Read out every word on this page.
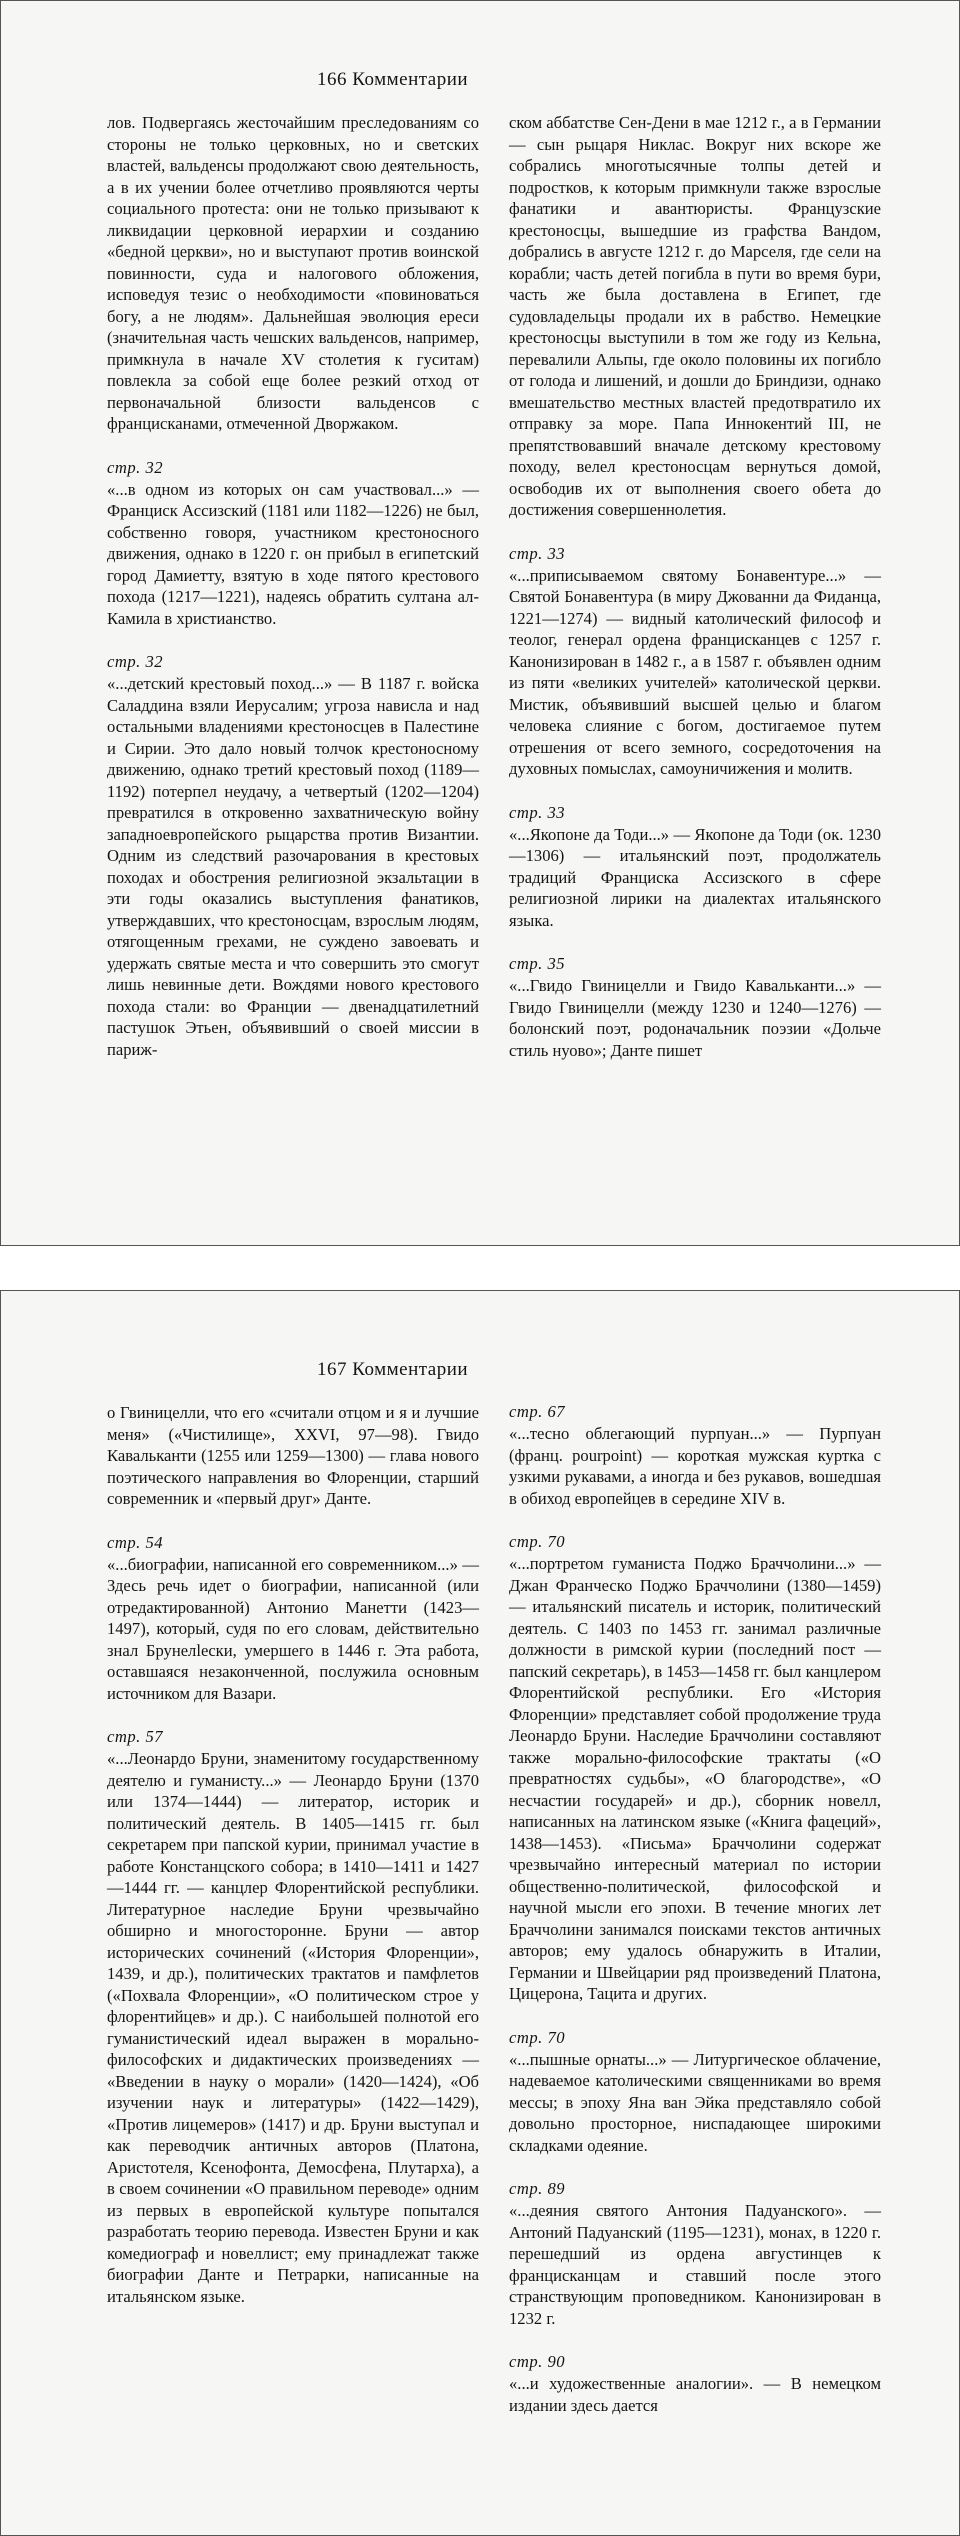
166 Комментарии

лов. Подвергаясь жесточайшим преследованиям со стороны не только церковных, но и светских властей, вальденсы продолжают свою деятельность, а в их учении более отчетливо проявляются черты социального протеста: они не только призывают к ликвидации церковной иерархии и созданию «бедной церкви», но и выступают против воинской повинности, суда и налогового обложения, исповедуя тезис о необходимости «повиноваться богу, а не людям». Дальнейшая эволюция ереси (значительная часть чешских вальденсов, например, примкнула в начале XV столетия к гуситам) повлекла за собой еще более резкий отход от первоначальной близости вальденсов с францисканами, отмеченной Дворжаком.

стр. 32

«...в одном из которых он сам участвовал...» — Франциск Ассизский (1181 или 1182—1226) не был, собственно говоря, участником крестоносного движения, однако в 1220 г. он прибыл в египетский город Дамиетту, взятую в ходе пятого крестового похода (1217—1221), надеясь обратить султана ал-Камила в христианство.

стр. 32

«...детский крестовый поход...» — В 1187 г. войска Саладдина взяли Иерусалим; угроза нависла и над остальными владениями крестоносцев в Палестине и Сирии. Это дало новый толчок крестоносному движению, однако третий крестовый поход (1189—1192) потерпел неудачу, а четвертый (1202—1204) превратился в откровенно захватническую войну западноевропейского рыцарства против Византии. Одним из следствий разочарования в крестовых походах и обострения религиозной экзальтации в эти годы оказались выступления фанатиков, утверждавших, что крестоносцам, взрослым людям, отягощенным грехами, не суждено завоевать и удержать святые места и что совершить это смогут лишь невинные дети. Вождями нового крестового похода стали: во Франции — двенадцатилетний пастушок Этьен, объявивший о своей миссии в париж-

ском аббатстве Сен-Дени в мае 1212 г., а в Германии — сын рыцаря Никлас. Вокруг них вскоре же собрались многотысячные толпы детей и подростков, к которым примкнули также взрослые фанатики и авантюристы. Французские крестоносцы, вышедшие из графства Вандом, добрались в августе 1212 г. до Марселя, где сели на корабли; часть детей погибла в пути во время бури, часть же была доставлена в Египет, где судовладельцы продали их в рабство. Немецкие крестоносцы выступили в том же году из Кельна, перевалили Альпы, где около половины их погибло от голода и лишений, и дошли до Бриндизи, однако вмешательство местных властей предотвратило их отправку за море. Папа Иннокентий III, не препятствовавший вначале детскому крестовому походу, велел крестоносцам вернуться домой, освободив их от выполнения своего обета до достижения совершеннолетия.

стр. 33

«...приписываемом святому Бонавентуре...» — Святой Бонавентура (в миру Джованни да Фиданца, 1221—1274) — видный католический философ и теолог, генерал ордена францисканцев с 1257 г. Канонизирован в 1482 г., а в 1587 г. объявлен одним из пяти «великих учителей» католической церкви. Мистик, объявивший высшей целью и благом человека слияние с богом, достигаемое путем отрешения от всего земного, сосредоточения на духовных помыслах, самоуничижения и молитв.

стр. 33

«...Якопоне да Тоди...» — Якопоне да Тоди (ок. 1230—1306) — итальянский поэт, продолжатель традиций Франциска Ассизского в сфере религиозной лирики на диалектах итальянского языка.

стр. 35

«...Гвидо Гвиницелли и Гвидо Кавальканти...» — Гвидо Гвиницелли (между 1230 и 1240—1276) — болонский поэт, родоначальник поэзии «Дольче стиль нуово»; Данте пишет

167 Комментарии

о Гвиницелли, что его «считали отцом и я и лучшие меня» («Чистилище», XXVI, 97—98). Гвидо Кавальканти (1255 или 1259—1300) — глава нового поэтического направления во Флоренции, старший современник и «первый друг» Данте.

стр. 54

«...биографии, написанной его современником...» — Здесь речь идет о биографии, написанной (или отредактированной) Антонио Манетти (1423—1497), который, судя по его словам, действительно знал Брунелleски, умершего в 1446 г. Эта работа, оставшаяся незаконченной, послужила основным источником для Вазари.

стр. 57

«...Леонардо Бруни, знаменитому государственному деятелю и гуманисту...» — Леонардо Бруни (1370 или 1374—1444) — литератор, историк и политический деятель. В 1405—1415 гг. был секретарем при папской курии, принимал участие в работе Констанцского собора; в 1410—1411 и 1427—1444 гг. — канцлер Флорентийской республики. Литературное наследие Бруни чрезвычайно обширно и многосторонне. Бруни — автор исторических сочинений («История Флоренции», 1439, и др.), политических трактатов и памфлетов («Похвала Флоренции», «О политическом строе у флорентийцев» и др.). С наибольшей полнотой его гуманистический идеал выражен в морально-философских и дидактических произведениях — «Введении в науку о морали» (1420—1424), «Об изучении наук и литературы» (1422—1429), «Против лицемеров» (1417) и др. Бруни выступал и как переводчик античных авторов (Платона, Аристотеля, Ксенофонта, Демосфена, Плутарха), а в своем сочинении «О правильном переводе» одним из первых в европейской культуре попытался разработать теорию перевода. Известен Бруни и как комедиограф и новеллист; ему принадлежат также биографии Данте и Петрарки, написанные на итальянском языке.

стр. 67

«...тесно облегающий пурпуан...» — Пурпуан (франц. pourpoint) — короткая мужская куртка с узкими рукавами, а иногда и без рукавов, вошедшая в обиход европейцев в середине XIV в.

стр. 70

«...портретом гуманиста Поджо Браччолини...» — Джан Франческо Поджо Браччолини (1380—1459) — итальянский писатель и историк, политический деятель. С 1403 по 1453 гг. занимал различные должности в римской курии (последний пост — папский секретарь), в 1453—1458 гг. был канцлером Флорентийской республики. Его «История Флоренции» представляет собой продолжение труда Леонардо Бруни. Наследие Браччолини составляют также морально-философские трактаты («О превратностях судьбы», «О благородстве», «О несчастии государей» и др.), сборник новелл, написанных на латинском языке («Книга фацеций», 1438—1453). «Письма» Браччолини содержат чрезвычайно интересный материал по истории общественно-политической, философской и научной мысли его эпохи. В течение многих лет Браччолини занимался поисками текстов античных авторов; ему удалось обнаружить в Италии, Германии и Швейцарии ряд произведений Платона, Цицерона, Тацита и других.

стр. 70

«...пышные орнаты...» — Литургическое облачение, надеваемое католическими священниками во время мессы; в эпоху Яна ван Эйка представляло собой довольно просторное, ниспадающее широкими складками одеяние.

стр. 89

«...деяния святого Антония Падуанского». — Антоний Падуанский (1195—1231), монах, в 1220 г. перешедший из ордена августинцев к францисканцам и ставший после этого странствующим проповедником. Канонизирован в 1232 г.

стр. 90

«...и художественные аналогии». — В немецком издании здесь дается
